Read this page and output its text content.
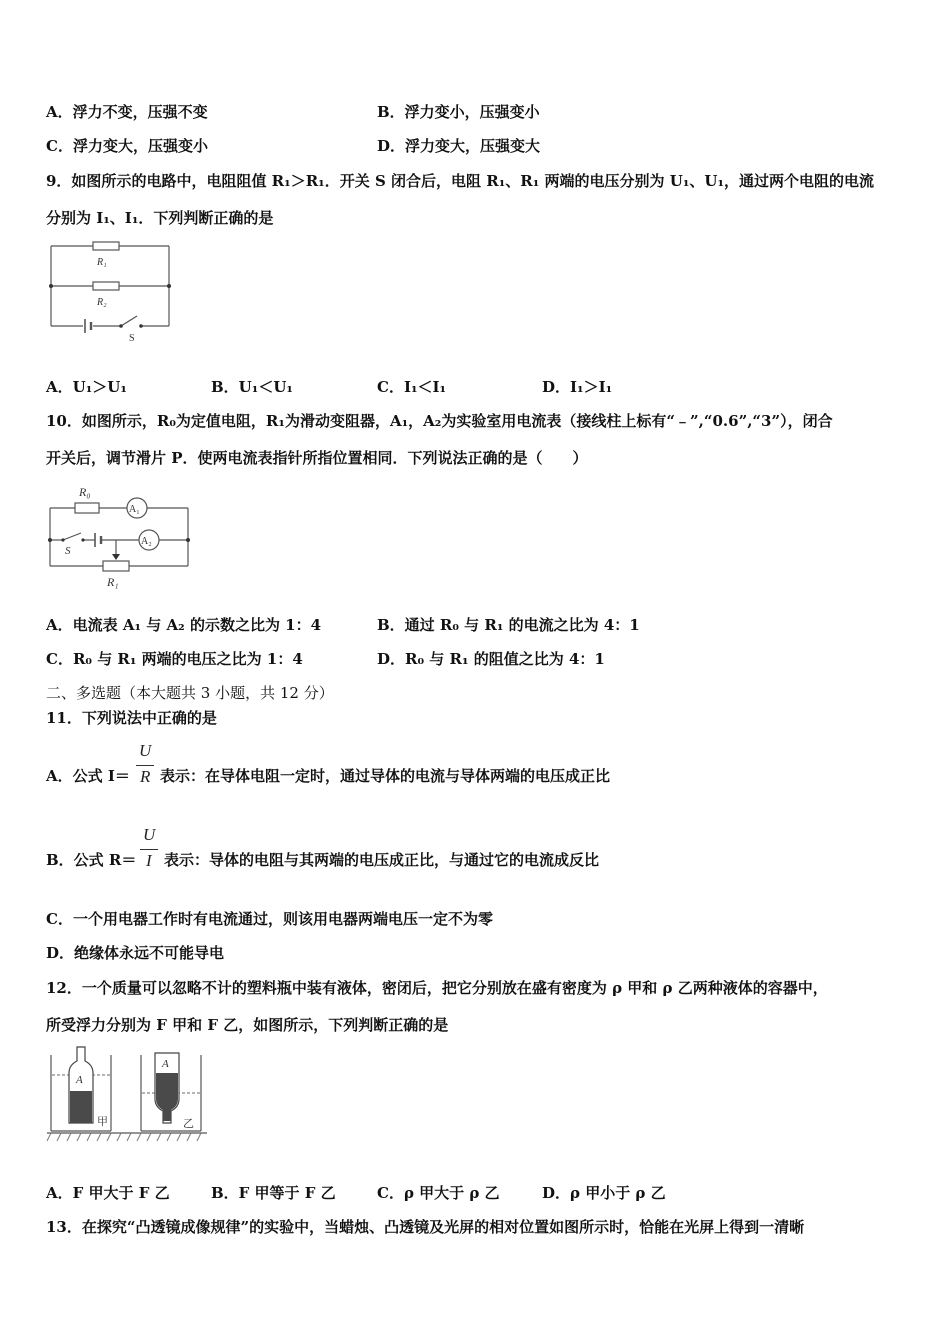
A．浮力不变，压强不变	B．浮力变小，压强变小
C．浮力变大，压强变小	D．浮力变大，压强变大
9．如图所示的电路中，电阻阻值 R₁＞R₁．开关 S 闭合后，电阻 R₁、R₁ 两端的电压分别为 U₁、U₁，通过两个电阻的电流
分别为 I₁、I₁．下列判断正确的是
R₁
R₂
S
A．U₁＞U₁	B．U₁＜U₁	C．I₁＜I₁	D．I₁＞I₁
10．如图所示，R₀为定值电阻，R₁为滑动变阻器，A₁，A₂为实验室用电流表（接线柱上标有“﹣”,“0.6”,“3”），闭合
开关后，调节滑片 P．使两电流表指针所指位置相同．下列说法正确的是（　　）
R₀
A₁
A₂
S
R₁
A．电流表 A₁ 与 A₂ 的示数之比为 1：4	B．通过 R₀ 与 R₁ 的电流之比为 4：1
C．R₀ 与 R₁ 两端的电压之比为 1：4	D．R₀ 与 R₁ 的阻值之比为 4：1
二、多选题（本大题共 3 小题，共 12 分）
11．下列说法中正确的是
A．公式 I＝
U
R 表示：在导体电阻一定时，通过导体的电流与导体两端的电压成正比
B．公式 R＝
U
I 表示：导体的电阻与其两端的电压成正比，与通过它的电流成反比
C．一个用电器工作时有电流通过，则该用电器两端电压一定不为零
D．绝缘体永远不可能导电
12．一个质量可以忽略不计的塑料瓶中装有液体，密闭后，把它分别放在盛有密度为 ρ 甲和 ρ 乙两种液体的容器中，
所受浮力分别为 F 甲和 F 乙，如图所示，下列判断正确的是
A
甲
A
乙
A．F 甲大于 F 乙	B．F 甲等于 F 乙	C．ρ 甲大于 ρ 乙	D．ρ 甲小于 ρ 乙
13．在探究“凸透镜成像规律”的实验中，当蜡烛、凸透镜及光屏的相对位置如图所示时，恰能在光屏上得到一清晰
